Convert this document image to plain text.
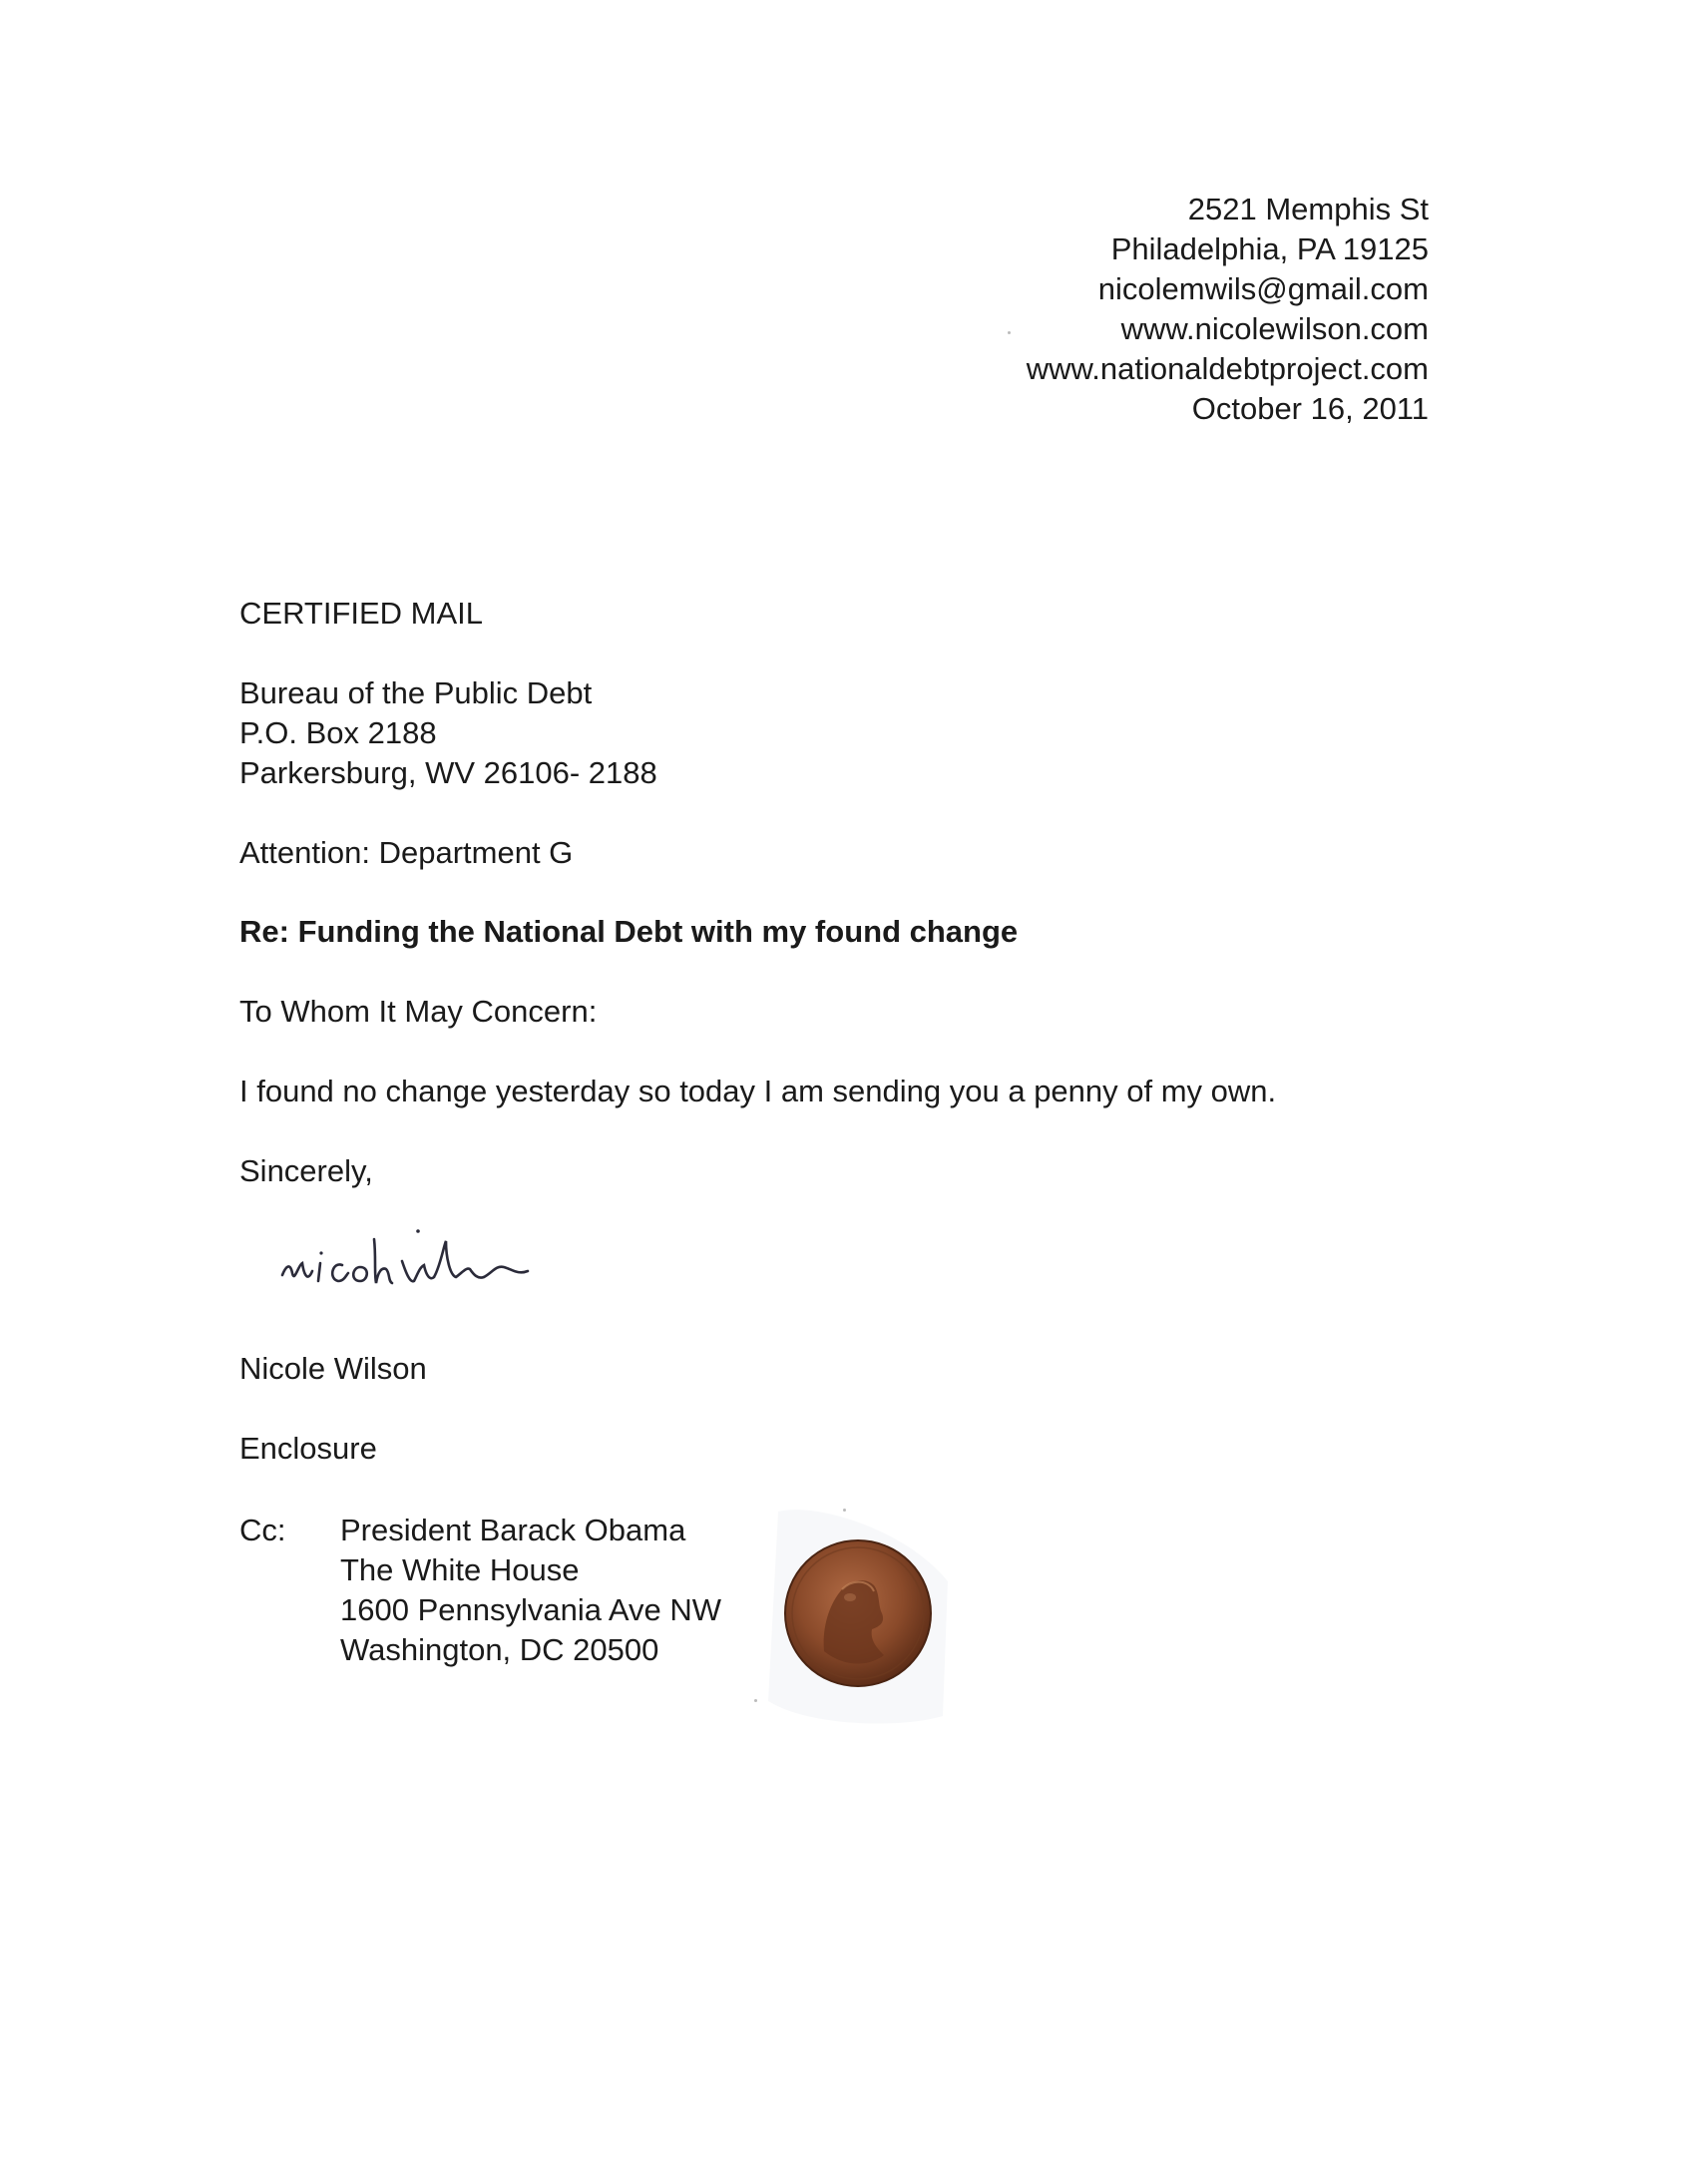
2521 Memphis St
Philadelphia, PA 19125
nicolemwils@gmail.com
www.nicolewilson.com
www.nationaldebtproject.com
October 16, 2011
CERTIFIED MAIL
Bureau of the Public Debt
P.O. Box 2188
Parkersburg, WV 26106- 2188
Attention: Department G
Re: Funding the National Debt with my found change
To Whom It May Concern:
I found no change yesterday so today I am sending you a penny of my own.
Sincerely,
Nicole Wilson
Enclosure
Cc: President Barack Obama
The White House
1600 Pennsylvania Ave NW
Washington, DC 20500
